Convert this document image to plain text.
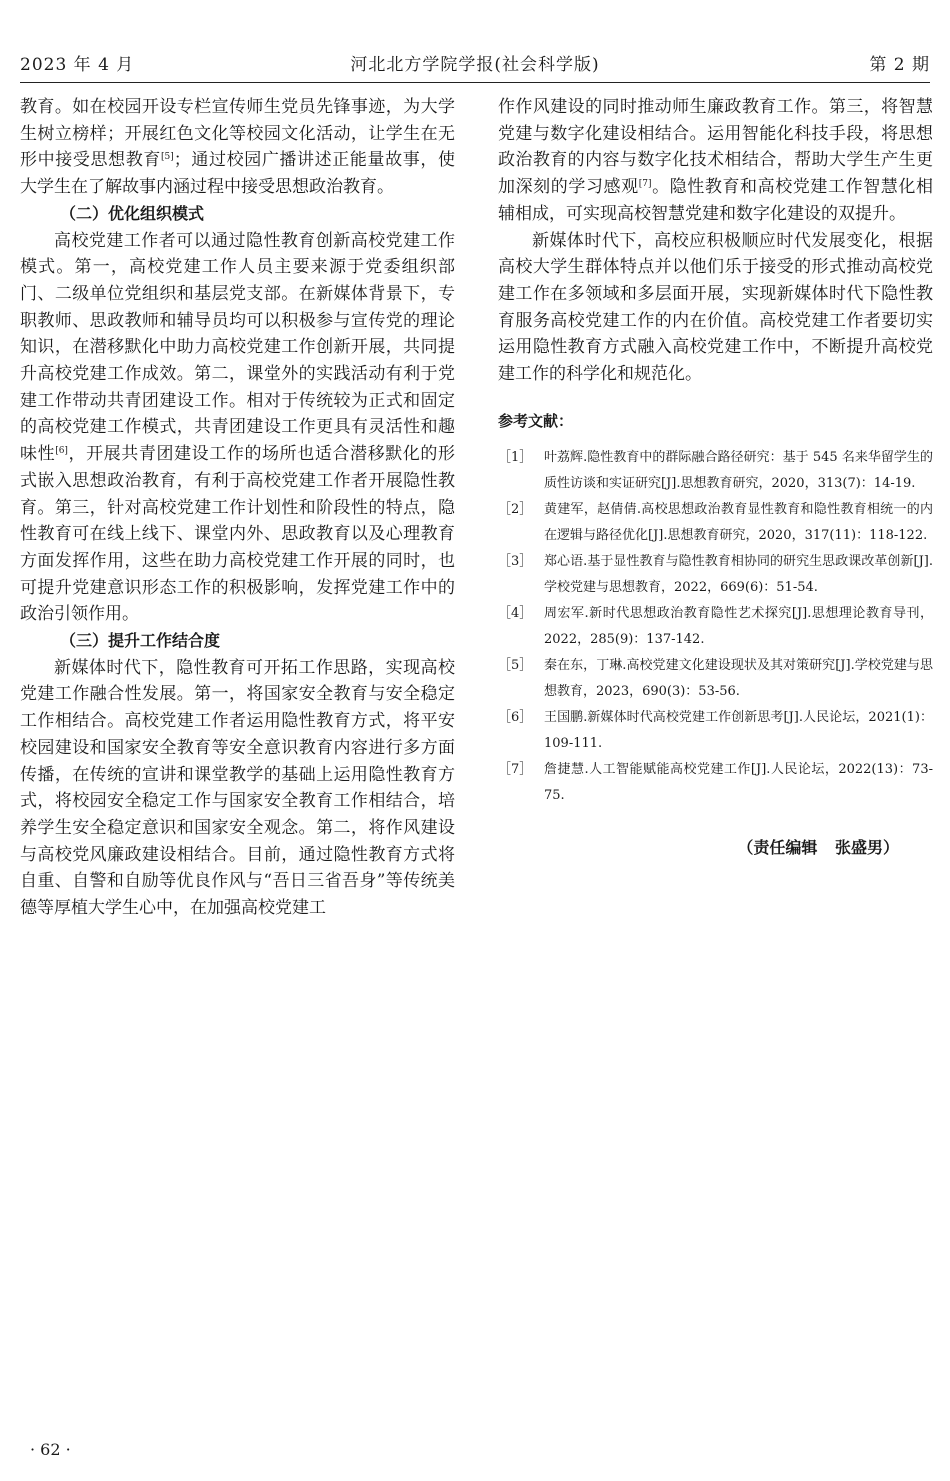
2023 年 4 月	河北北方学院学报(社会科学版)	第 2 期

教育。如在校园开设专栏宣传师生党员先锋事迹，为大学生树立榜样；开展红色文化等校园文化活动，让学生在无形中接受思想教育[5]；通过校园广播讲述正能量故事，使大学生在了解故事内涵过程中接受思想政治教育。

（二）优化组织模式

高校党建工作者可以通过隐性教育创新高校党建工作模式。第一，高校党建工作人员主要来源于党委组织部门、二级单位党组织和基层党支部。在新媒体背景下，专职教师、思政教师和辅导员均可以积极参与宣传党的理论知识，在潜移默化中助力高校党建工作创新开展，共同提升高校党建工作成效。第二，课堂外的实践活动有利于党建工作带动共青团建设工作。相对于传统较为正式和固定的高校党建工作模式，共青团建设工作更具有灵活性和趣味性[6]，开展共青团建设工作的场所也适合潜移默化的形式嵌入思想政治教育，有利于高校党建工作者开展隐性教育。第三，针对高校党建工作计划性和阶段性的特点，隐性教育可在线上线下、课堂内外、思政教育以及心理教育方面发挥作用，这些在助力高校党建工作开展的同时，也可提升党建意识形态工作的积极影响，发挥党建工作中的政治引领作用。

（三）提升工作结合度

新媒体时代下，隐性教育可开拓工作思路，实现高校党建工作融合性发展。第一，将国家安全教育与安全稳定工作相结合。高校党建工作者运用隐性教育方式，将平安校园建设和国家安全教育等安全意识教育内容进行多方面传播，在传统的宣讲和课堂教学的基础上运用隐性教育方式，将校园安全稳定工作与国家安全教育工作相结合，培养学生安全稳定意识和国家安全观念。第二，将作风建设与高校党风廉政建设相结合。目前，通过隐性教育方式将自重、自警和自励等优良作风与“吾日三省吾身”等传统美德等厚植大学生心中，在加强高校党建工

作作风建设的同时推动师生廉政教育工作。第三，将智慧党建与数字化建设相结合。运用智能化科技手段，将思想政治教育的内容与数字化技术相结合，帮助大学生产生更加深刻的学习感观[7]。隐性教育和高校党建工作智慧化相辅相成，可实现高校智慧党建和数字化建设的双提升。

新媒体时代下，高校应积极顺应时代发展变化，根据高校大学生群体特点并以他们乐于接受的形式推动高校党建工作在多领域和多层面开展，实现新媒体时代下隐性教育服务高校党建工作的内在价值。高校党建工作者要切实运用隐性教育方式融入高校党建工作中，不断提升高校党建工作的科学化和规范化。

参考文献：

［1］ 叶荔辉.隐性教育中的群际融合路径研究：基于 545 名来华留学生的质性访谈和实证研究[J].思想教育研究，2020，313(7)：14-19.

［2］ 黄建军，赵倩倩.高校思想政治教育显性教育和隐性教育相统一的内在逻辑与路径优化[J].思想教育研究，2020，317(11)：118-122.

［3］ 郑心语.基于显性教育与隐性教育相协同的研究生思政课改革创新[J].学校党建与思想教育，2022，669(6)：51-54.

［4］ 周宏军.新时代思想政治教育隐性艺术探究[J].思想理论教育导刊，2022，285(9)：137-142.

［5］ 秦在东，丁琳.高校党建文化建设现状及其对策研究[J].学校党建与思想教育，2023，690(3)：53-56.

［6］ 王国鹏.新媒体时代高校党建工作创新思考[J].人民论坛，2021(1)：109-111.

［7］ 詹捷慧.人工智能赋能高校党建工作[J].人民论坛，2022(13)：73-75.

（责任编辑 张盛男）
· 62 ·
